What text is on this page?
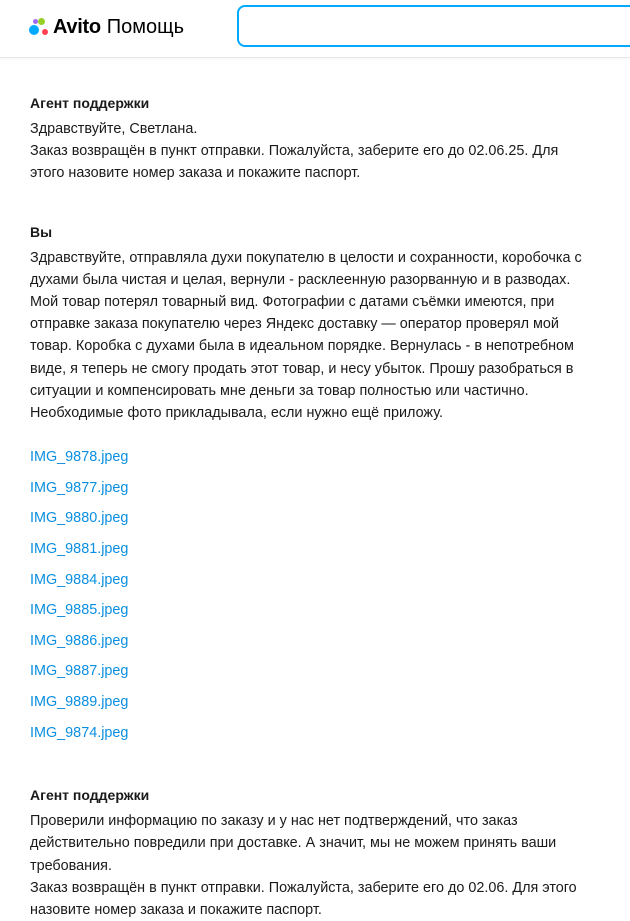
Avito Помощь
Агент поддержки
Здравствуйте, Светлана.
Заказ возвращён в пункт отправки. Пожалуйста, заберите его до 02.06.25. Для
этого назовите номер заказа и покажите паспорт.
Вы
Здравствуйте, отправляла духи покупателю в целости и сохранности, коробочка с
духами была чистая и целая, вернули - расклеенную разорванную и в разводах.
Мой товар потерял товарный вид. Фотографии с датами съёмки имеются, при
отправке заказа покупателю через Яндекс доставку — оператор проверял мой
товар. Коробка с духами была в идеальном порядке. Вернулась - в непотребном
виде, я теперь не смогу продать этот товар, и несу убыток. Прошу разобраться в
ситуации и компенсировать мне деньги за товар полностью или частично.
Необходимые фото прикладывала, если нужно ещё приложу.
IMG_9878.jpeg
IMG_9877.jpeg
IMG_9880.jpeg
IMG_9881.jpeg
IMG_9884.jpeg
IMG_9885.jpeg
IMG_9886.jpeg
IMG_9887.jpeg
IMG_9889.jpeg
IMG_9874.jpeg
Агент поддержки
Проверили информацию по заказу и у нас нет подтверждений, что заказ
действительно повредили при доставке. А значит, мы не можем принять ваши
требования.
Заказ возвращён в пункт отправки. Пожалуйста, заберите его до 02.06. Для этого
назовите номер заказа и покажите паспорт.
